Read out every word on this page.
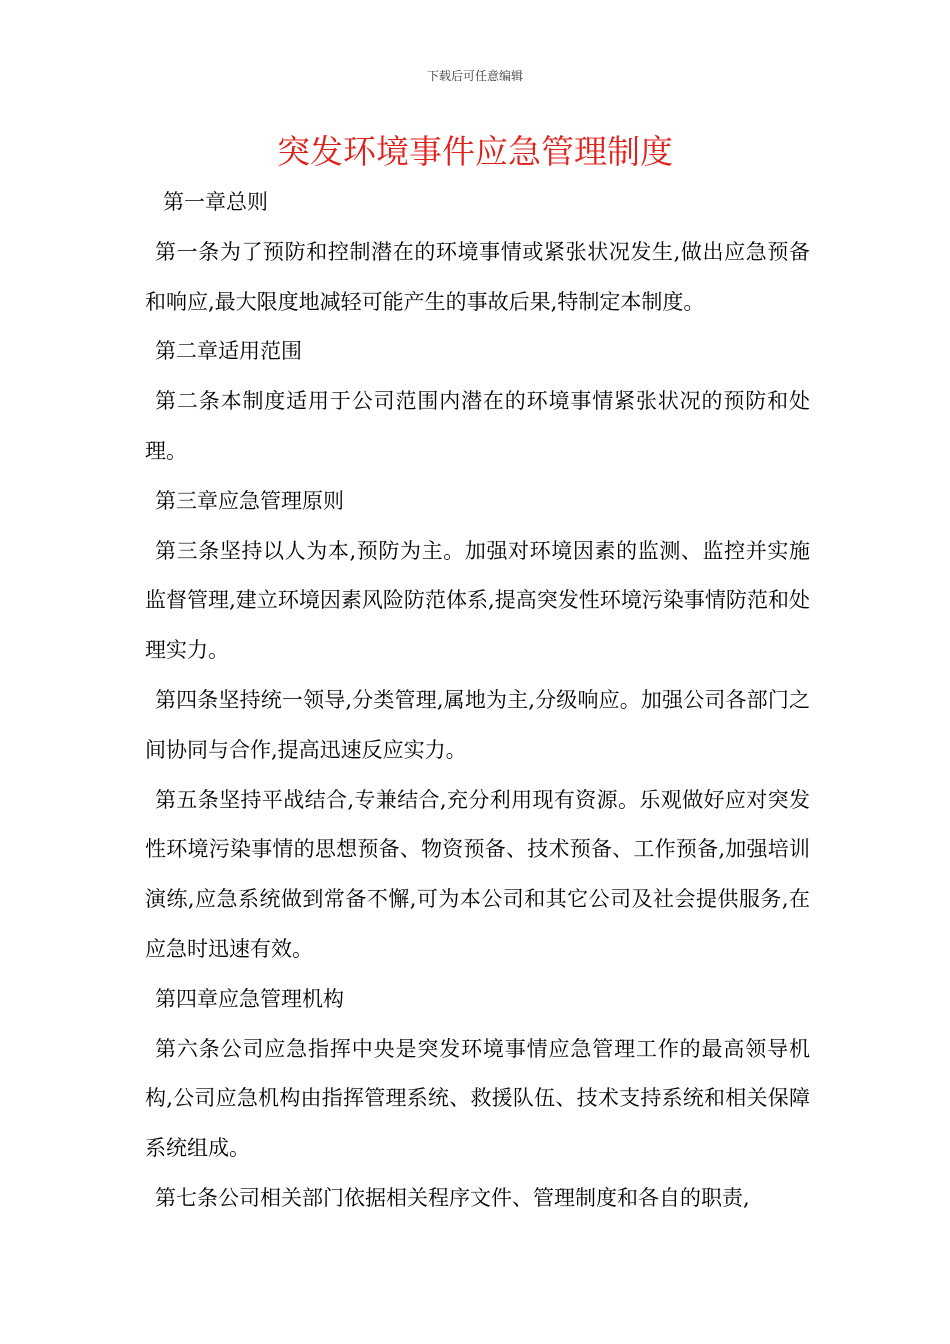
下载后可任意编辑
突发环境事件应急管理制度

第一章总则

第一条为了预防和控制潜在的环境事情或紧张状况发生,做出应急预备和响应,最大限度地减轻可能产生的事故后果,特制定本制度。

第二章适用范围

第二条本制度适用于公司范围内潜在的环境事情紧张状况的预防和处理。

第三章应急管理原则

第三条坚持以人为本,预防为主。加强对环境因素的监测、监控并实施监督管理,建立环境因素风险防范体系,提高突发性环境污染事情防范和处理实力。

第四条坚持统一领导,分类管理,属地为主,分级响应。加强公司各部门之间协同与合作,提高迅速反应实力。

第五条坚持平战结合,专兼结合,充分利用现有资源。乐观做好应对突发性环境污染事情的思想预备、物资预备、技术预备、工作预备,加强培训演练,应急系统做到常备不懈,可为本公司和其它公司及社会提供服务,在应急时迅速有效。

第四章应急管理机构

第六条公司应急指挥中央是突发环境事情应急管理工作的最高领导机构,公司应急机构由指挥管理系统、救援队伍、技术支持系统和相关保障系统组成。

第七条公司相关部门依据相关程序文件、管理制度和各自的职责,
